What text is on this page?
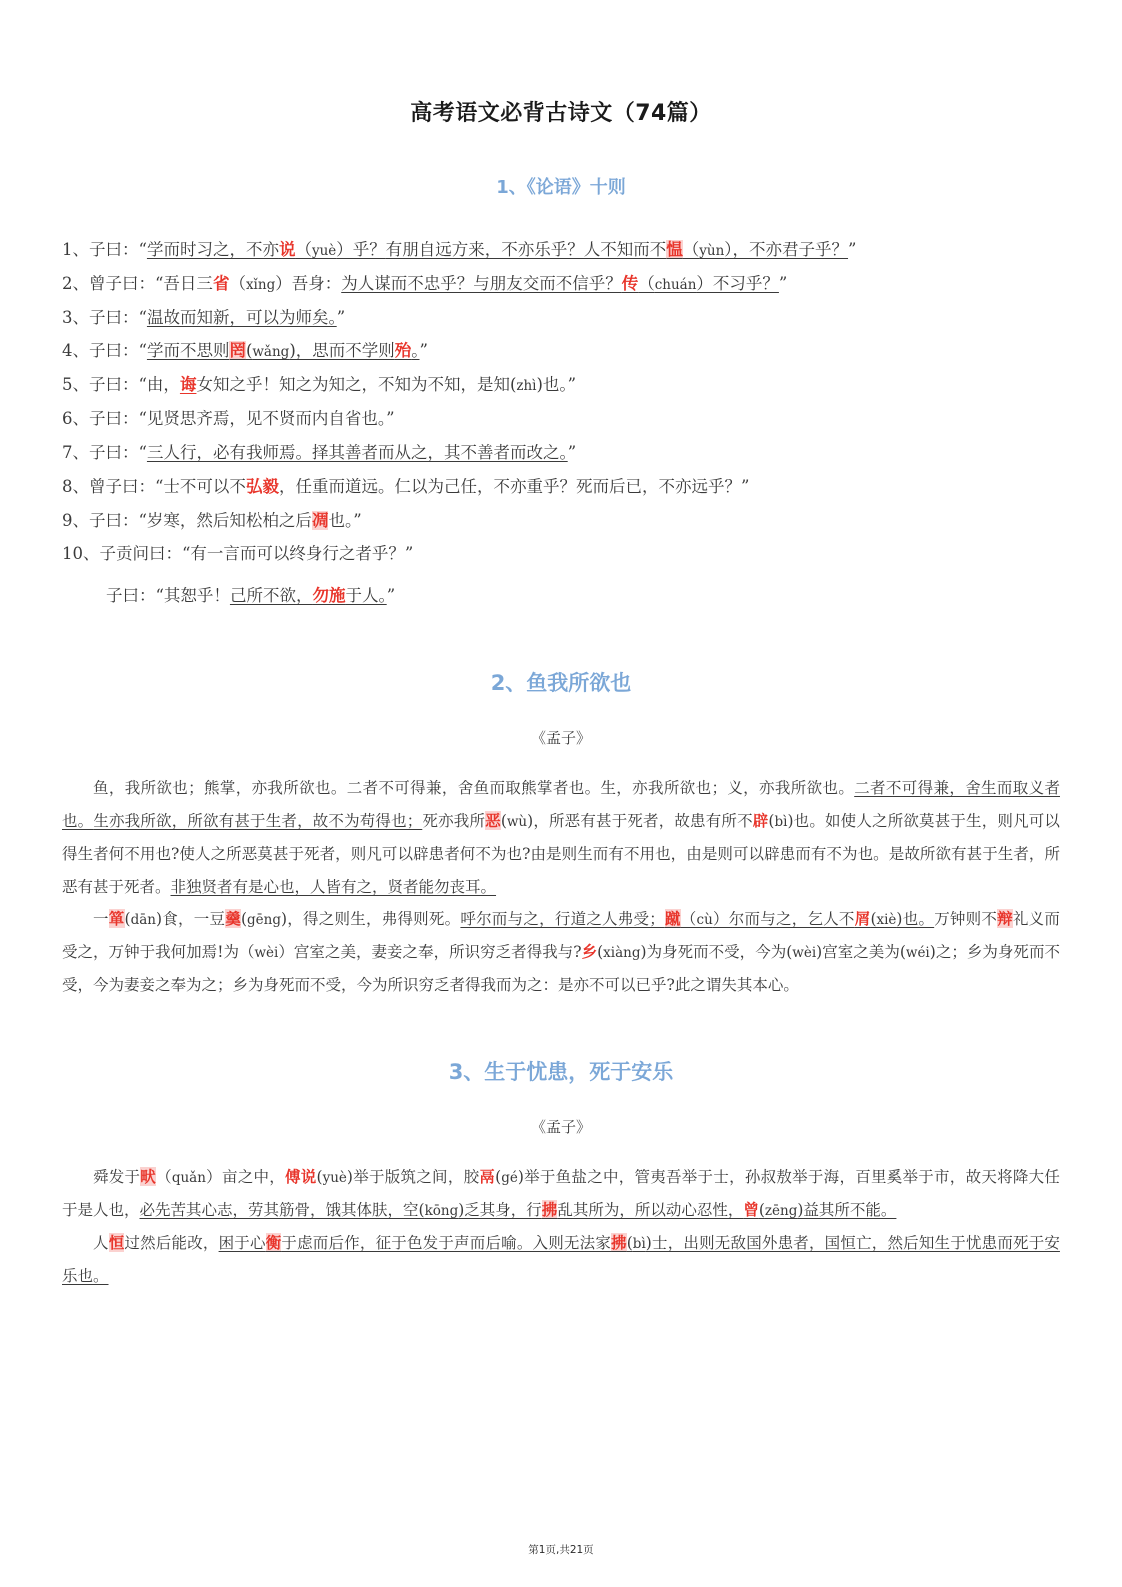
高考语文必背古诗文（74篇）
1、《论语》十则

1、子曰：“学而时习之，不亦说（yuè）乎？有朋自远方来，不亦乐乎？人不知而不愠（yùn），不亦君子乎？”

2、曾子曰：“吾日三省（xǐng）吾身：为人谋而不忠乎？与朋友交而不信乎？传（chuán）不习乎？”

3、子曰：“温故而知新，可以为师矣。”

4、子曰：“学而不思则罔(wǎng)，思而不学则殆。”

5、子曰：“由，诲女知之乎！知之为知之，不知为不知，是知(zhì)也。”

6、子曰：“见贤思齐焉，见不贤而内自省也。”

7、子曰：“三人行，必有我师焉。择其善者而从之，其不善者而改之。”

8、曾子曰：“士不可以不弘毅，任重而道远。仁以为己任，不亦重乎？死而后已，不亦远乎？”

9、子曰：“岁寒，然后知松柏之后凋也。”

10、子贡问曰：“有一言而可以终身行之者乎？”

子曰：“其恕乎！己所不欲，勿施于人。”

2、鱼我所欲也

《孟子》

鱼，我所欲也；熊掌，亦我所欲也。二者不可得兼，舍鱼而取熊掌者也。生，亦我所欲也；义，亦我所欲也。二者不可得兼，舍生而取义者也。生亦我所欲，所欲有甚于生者，故不为苟得也；死亦我所恶(wù)，所恶有甚于死者，故患有所不辟(bì)也。如使人之所欲莫甚于生，则凡可以得生者何不用也?使人之所恶莫甚于死者，则凡可以辟患者何不为也?由是则生而有不用也，由是则可以辟患而有不为也。是故所欲有甚于生者，所恶有甚于死者。非独贤者有是心也，人皆有之，贤者能勿丧耳。

一箪(dān)食，一豆羹(gēng)，得之则生，弗得则死。呼尔而与之，行道之人弗受；蹴（cù）尔而与之，乞人不屑(xiè)也。万钟则不辩礼义而受之，万钟于我何加焉!为（wèi）宫室之美，妻妾之奉，所识穷乏者得我与?乡(xiàng)为身死而不受，今为(wèi)宫室之美为(wéi)之；乡为身死而不受，今为妻妾之奉为之；乡为身死而不受，今为所识穷乏者得我而为之：是亦不可以已乎?此之谓失其本心。

3、生于忧患，死于安乐

《孟子》

舜发于畎（quǎn）亩之中，傅说(yuè)举于版筑之间，胶鬲(gé)举于鱼盐之中，管夷吾举于士，孙叔敖举于海，百里奚举于市，故天将降大任于是人也，必先苦其心志，劳其筋骨，饿其体肤，空(kōng)乏其身，行拂乱其所为，所以动心忍性，曾(zēng)益其所不能。

人恒过然后能改，困于心衡于虑而后作，征于色发于声而后喻。入则无法家拂(bì)士，出则无敌国外患者，国恒亡，然后知生于忧患而死于安乐也。

第1页,共21页
